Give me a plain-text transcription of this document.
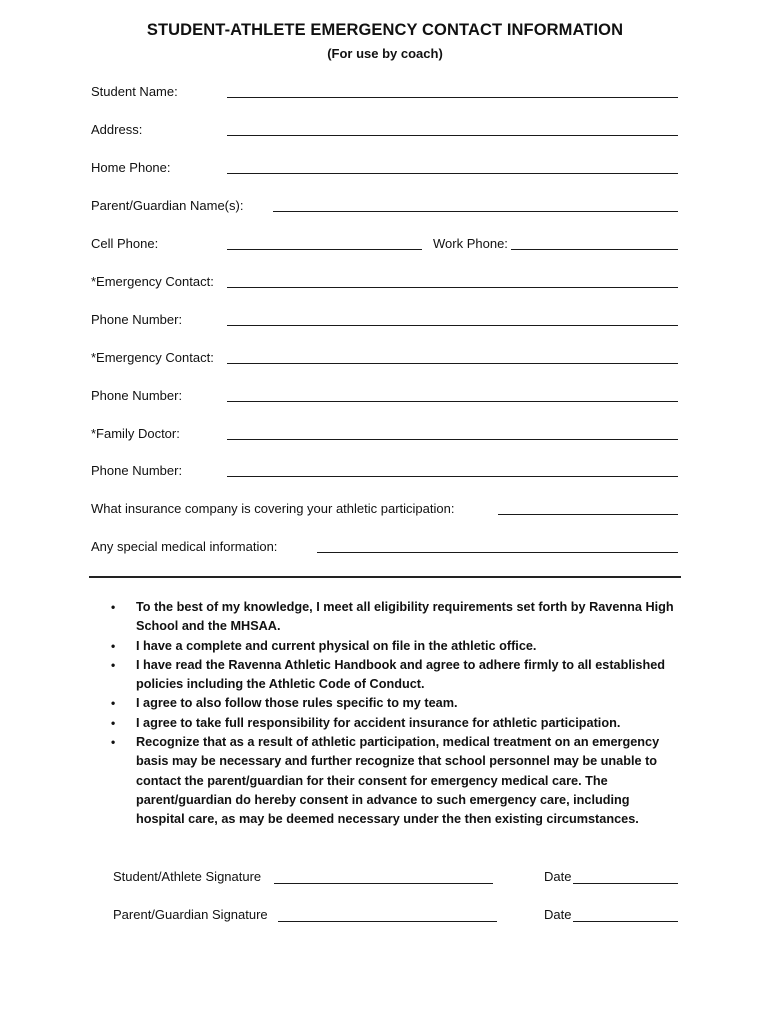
STUDENT-ATHLETE EMERGENCY CONTACT INFORMATION
(For use by coach)
Student Name:
Address:
Home Phone:
Parent/Guardian Name(s):
Cell Phone:	Work Phone:
*Emergency Contact:
Phone Number:
*Emergency Contact:
Phone Number:
*Family Doctor:
Phone Number:
What insurance company is covering your athletic participation:
Any special medical information:
• To the best of my knowledge, I meet all eligibility requirements set forth by Ravenna High School and the MHSAA.
• I have a complete and current physical on file in the athletic office.
• I have read the Ravenna Athletic Handbook and agree to adhere firmly to all established policies including the Athletic Code of Conduct.
• I agree to also follow those rules specific to my team.
• I agree to take full responsibility for accident insurance for athletic participation.
• Recognize that as a result of athletic participation, medical treatment on an emergency basis may be necessary and further recognize that school personnel may be unable to contact the parent/guardian for their consent for emergency medical care. The parent/guardian do hereby consent in advance to such emergency care, including hospital care, as may be deemed necessary under the then existing circumstances.
Student/Athlete Signature	Date
Parent/Guardian Signature	Date
